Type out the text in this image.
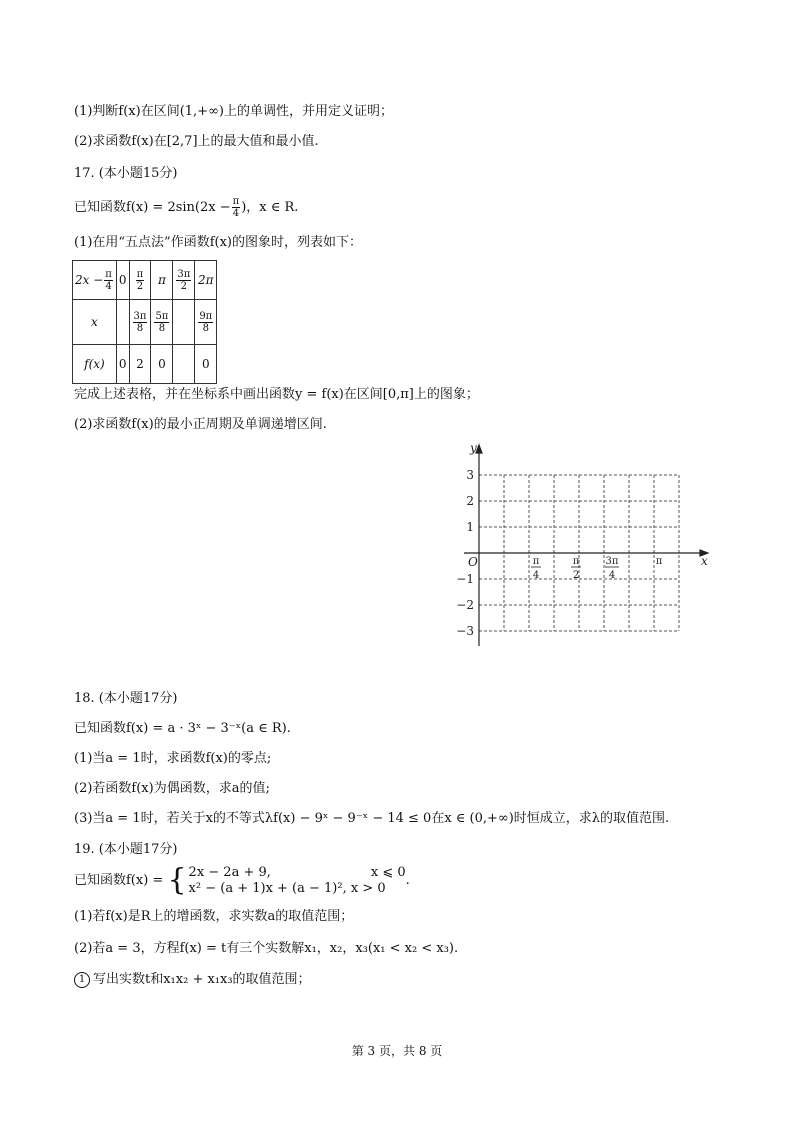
(1)判断f(x)在区间(1,+∞)上的单调性，并用定义证明；
(2)求函数f(x)在[2,7]上的最大值和最小值.
17. (本小题15分)
已知函数$f(x) = 2\sin(2x - \frac{\pi}{4}$ )，x ∈ R.
(1)在用“五点法”作函数f(x)的图象时，列表如下：
$2x - \frac{\pi}{4}$	0	$\frac{\pi}{2}$	π	$\frac{3\pi}{2}$	2π
x		$\frac{3\pi}{8}$	$\frac{5\pi}{8}$		$\frac{9\pi}{8}$

f(x)	0	2	0		0
完成上述表格，并在坐标系中画出函数y = f(x)在区间[0,π]上的图象；
(2)求函数f(x)的最小正周期及单调递增区间.
y
x
O
3
2
1
−1
−2
−3
π
4
π
2
3π
4
π
18. (本小题17分)
已知函数f(x) = a · 3ˣ − 3⁻ˣ(a ∈ R).
(1)当a = 1时，求函数f(x)的零点;
(2)若函数f(x)为偶函数，求a的值;
(3)当a = 1时，若关于x的不等式λf(x) − 9ˣ − 9⁻ˣ − 14 ≤ 0在x ∈ (0,+∞)时恒成立，求λ的取值范围.
19. (本小题17分)
已知函数f(x) = { 2x − 2a + 9,	x ⩽ 0
x² − (a + 1)x + (a − 1)², x > 0	.
(1)若f(x)是R上的增函数，求实数a的取值范围；
(2)若a = 3，方程f(x) = t有三个实数解x₁，x₂，x₃(x₁ < x₂ < x₃).
1 写出实数t和x₁x₂ + x₁x₃的取值范围；
第 3 页，共 8 页
